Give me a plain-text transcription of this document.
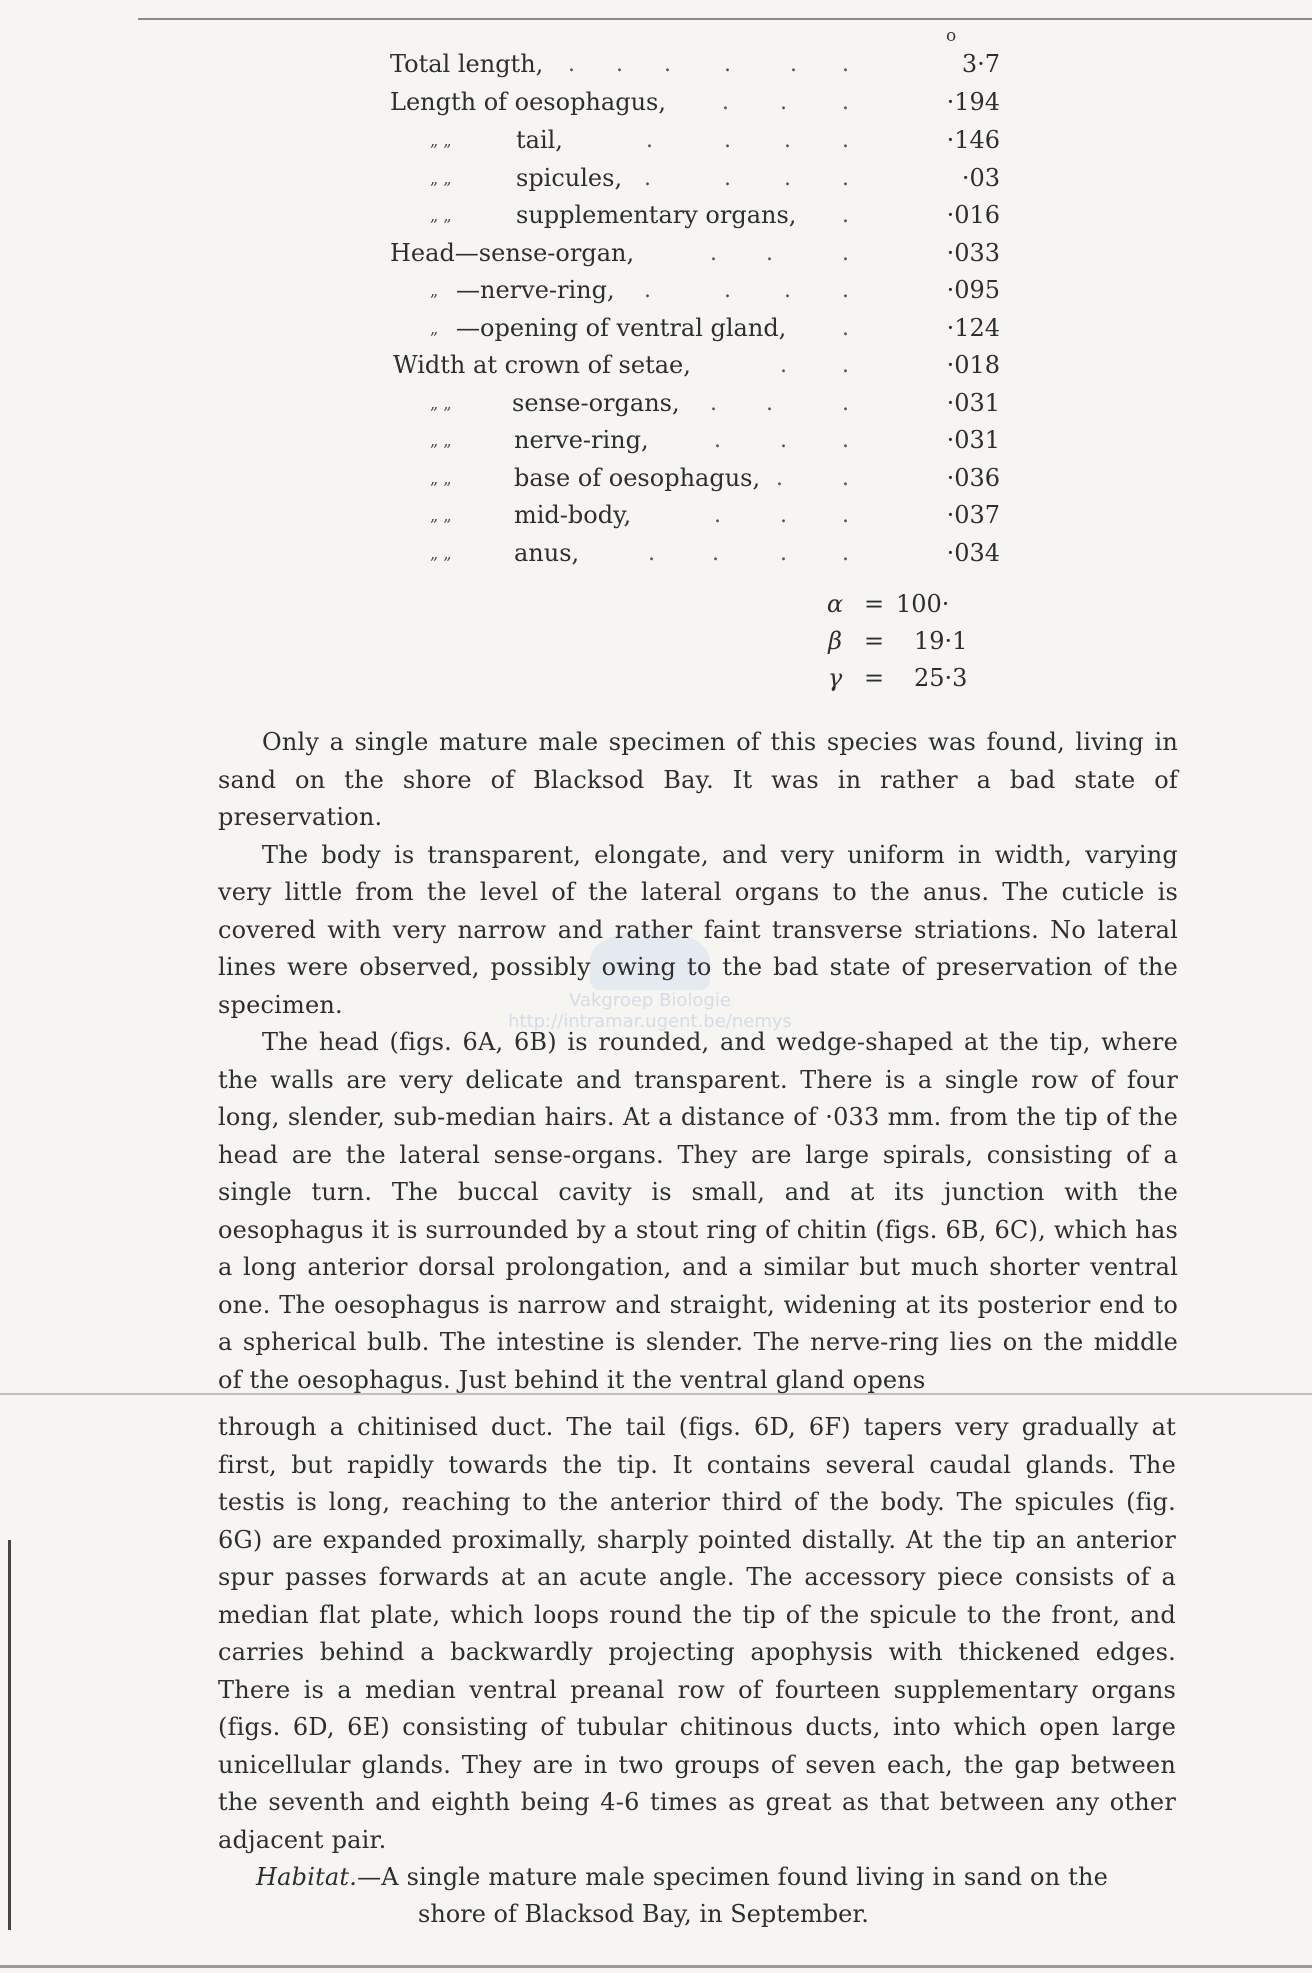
o
Vakgroep Biologie
http://intramar.ugent.be/nemys
Total length, . . . .	. .	3·7
Length of oesophagus,	. .	.	·194
„ „	tail,	.	. . .	·146
„ „	spicules, .	. . .	·03
„ „	supplementary organs, .	·016
Head—sense-organ,	. .	.	·033
„ —nerve-ring, .	. . .	·095
„ —opening of ventral gland,	.	·124
Width at crown of setae,	.	.	·018
„ „	sense-organs, . .	.	·031
„ „	nerve-ring,	.	.	.	·031
„ „	base of oesophagus, .	.	·036
„ „	mid-body,	.	.	.	·037
„ „	anus,	.	.	.	.	·034
α = 100·
β = 19·1
γ = 25·3

Only a single mature male specimen of this species was found, living in sand on the shore of Blacksod Bay. It was in rather a bad state of preservation.

The body is transparent, elongate, and very uniform in width, varying very little from the level of the lateral organs to the anus. The cuticle is covered with very narrow and rather faint transverse striations. No lateral lines were observed, possibly owing to the bad state of preservation of the specimen.

The head (figs. 6A, 6B) is rounded, and wedge-shaped at the tip, where the walls are very delicate and transparent. There is a single row of four long, slender, sub-median hairs. At a distance of ·033 mm. from the tip of the head are the lateral sense-organs. They are large spirals, consisting of a single turn. The buccal cavity is small, and at its junction with the oesophagus it is surrounded by a stout ring of chitin (figs. 6B, 6C), which has a long anterior dorsal prolongation, and a similar but much shorter ventral one. The oesophagus is narrow and straight, widening at its posterior end to a spherical bulb. The intestine is slender. The nerve-ring lies on the middle of the oesophagus. Just behind it the ventral gland opens

through a chitinised duct. The tail (figs. 6D, 6F) tapers very gradually at first, but rapidly towards the tip. It contains several caudal glands. The testis is long, reaching to the anterior third of the body. The spicules (fig. 6G) are expanded proximally, sharply pointed distally. At the tip an anterior spur passes forwards at an acute angle. The accessory piece consists of a median flat plate, which loops round the tip of the spicule to the front, and carries behind a backwardly projecting apophysis with thickened edges. There is a median ventral preanal row of fourteen supplementary organs (figs. 6D, 6E) consisting of tubular chitinous ducts, into which open large unicellular glands. They are in two groups of seven each, the gap between the seventh and eighth being 4-6 times as great as that between any other adjacent pair.

Habitat.—A single mature male specimen found living in sand on the

shore of Blacksod Bay, in September.
